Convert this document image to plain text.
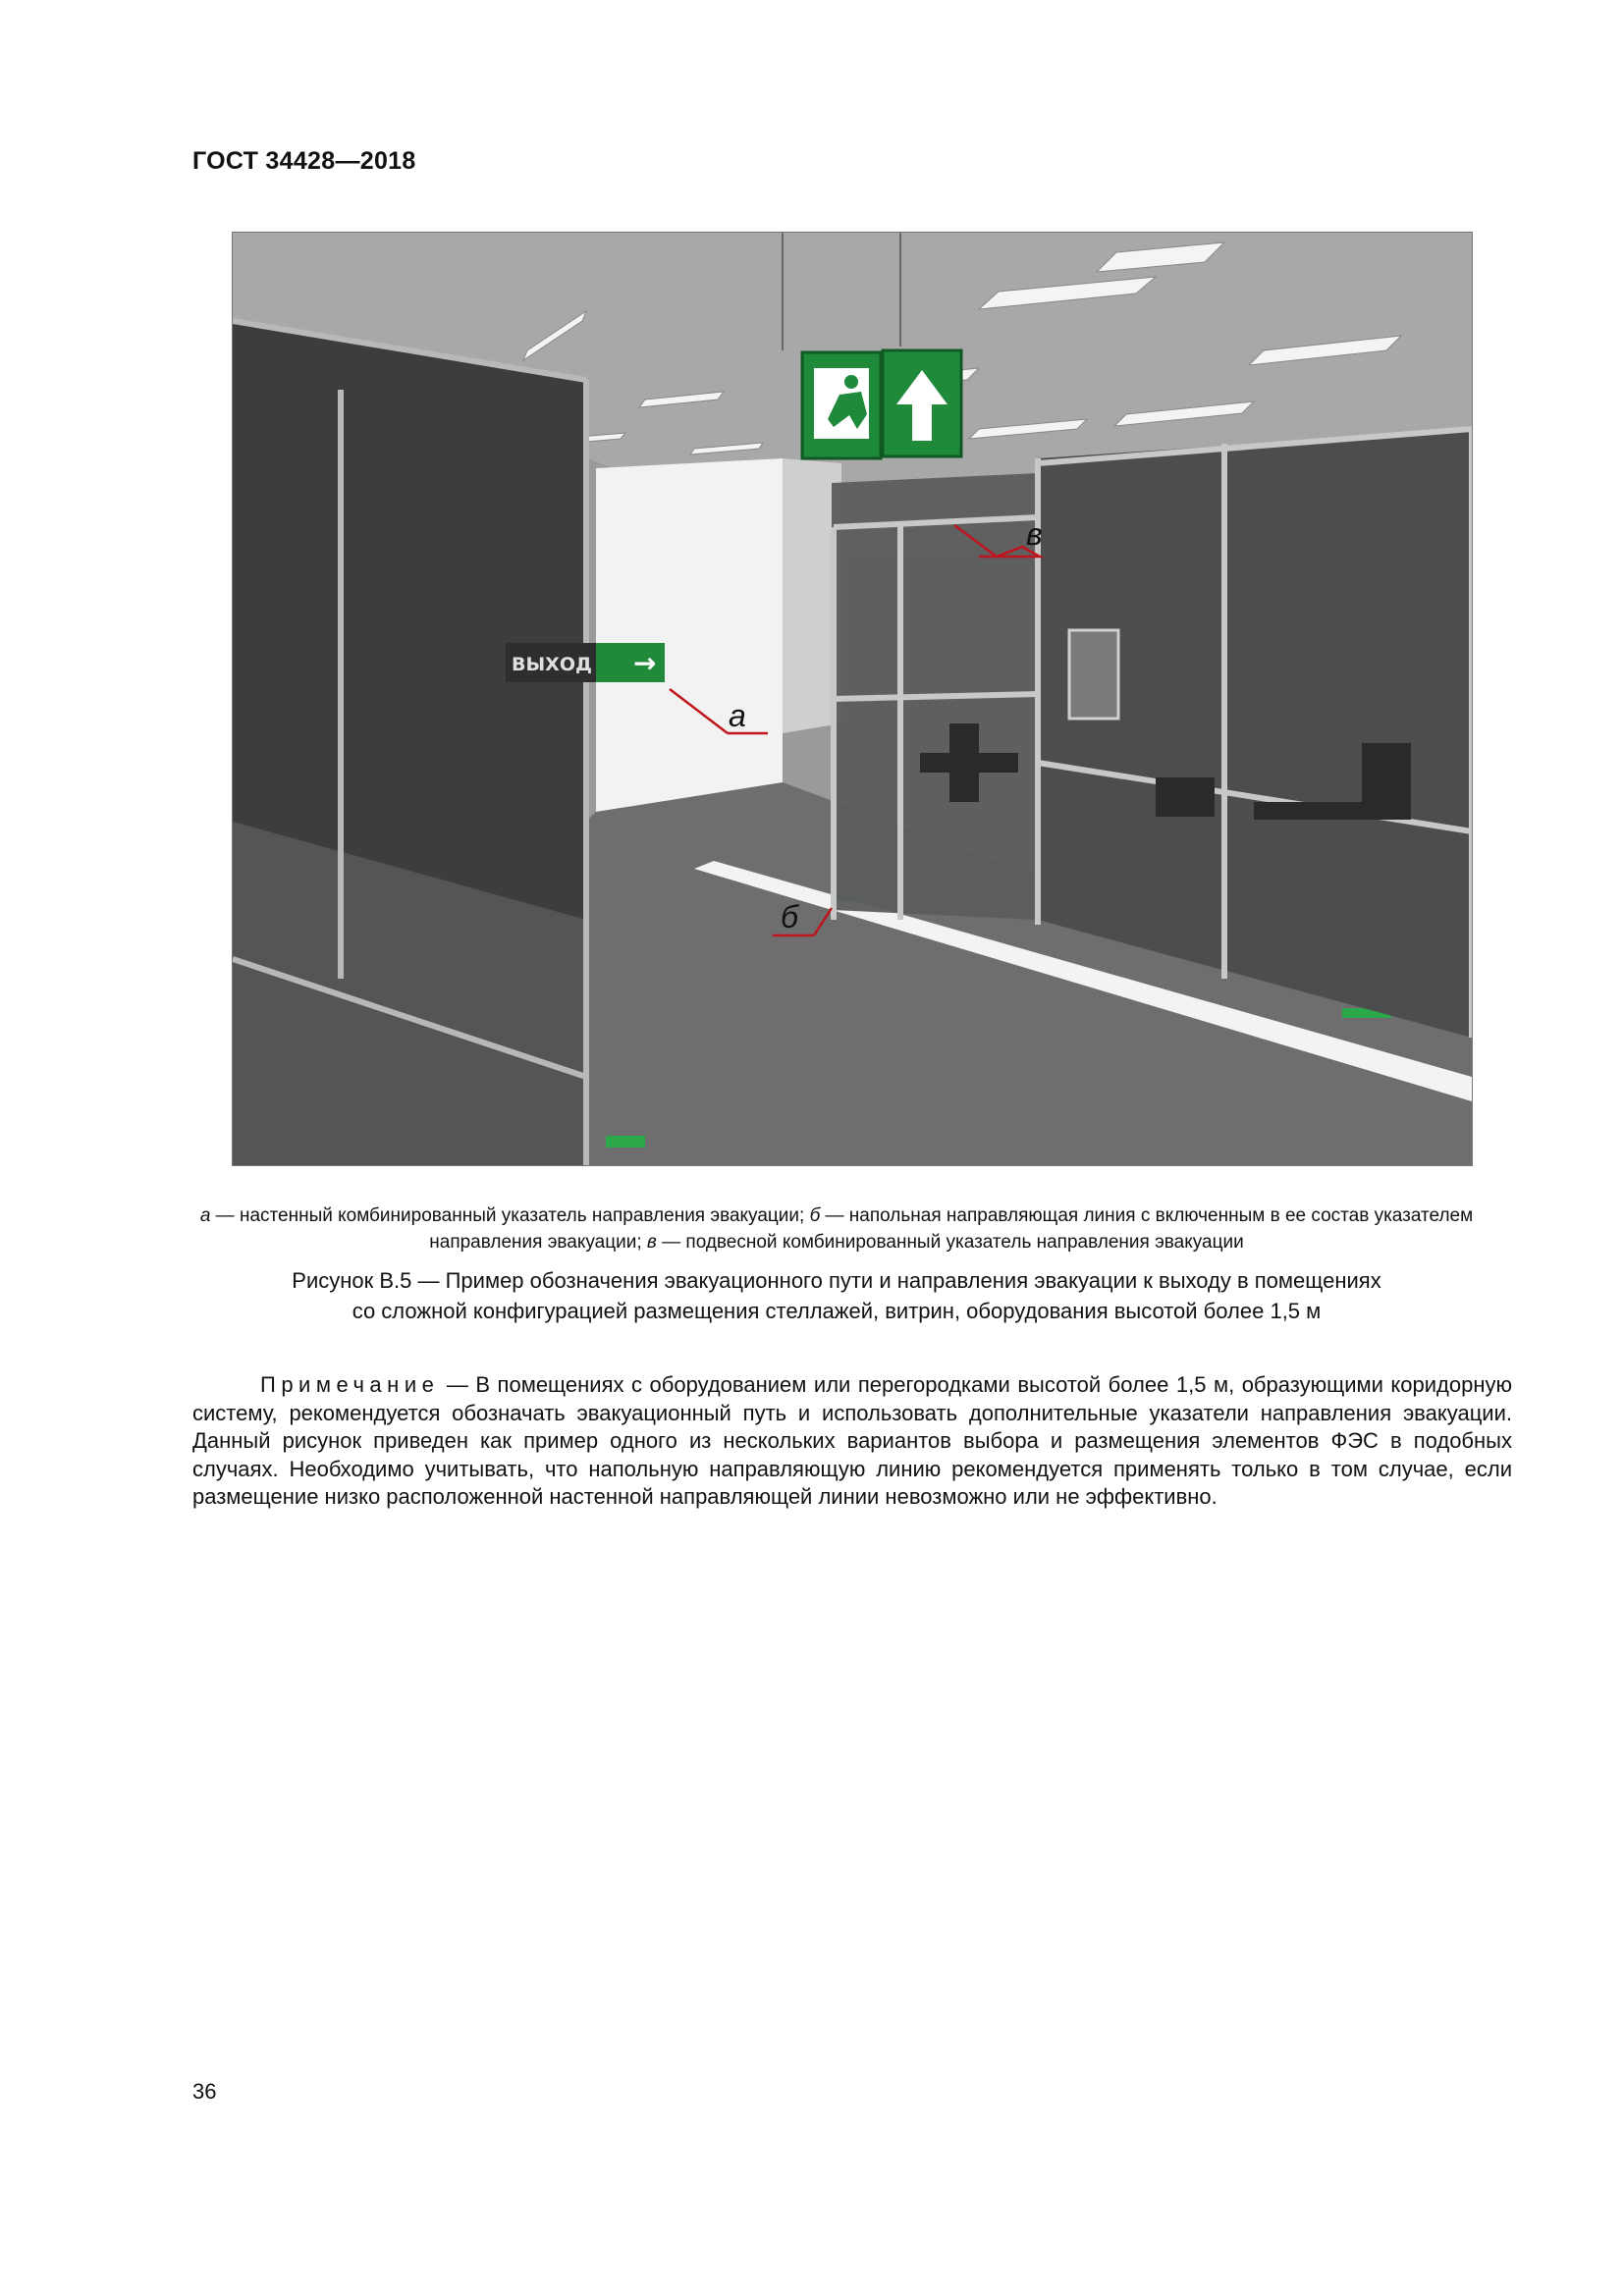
ГОСТ 34428—2018
ВЫХОД →
в
а
б
а — настенный комбинированный указатель направления эвакуации; б — напольная направляющая линия с включенным в ее состав указателем направления эвакуации; в — подвесной комбинированный указатель направления эвакуации
Рисунок В.5 — Пример обозначения эвакуационного пути и направления эвакуации к выходу в помещениях
со сложной конфигурацией размещения стеллажей, витрин, оборудования высотой более 1,5 м
Примечание — В помещениях с оборудованием или перегородками высотой более 1,5 м, образующими коридорную систему, рекомендуется обозначать эвакуационный путь и использовать дополнительные указатели направления эвакуации. Данный рисунок приведен как пример одного из нескольких вариантов выбора и размещения элементов ФЭС в подобных случаях. Необходимо учитывать, что напольную направляющую линию рекомендуется применять только в том случае, если размещение низко расположенной настенной направляющей линии невозможно или не эффективно.
36
